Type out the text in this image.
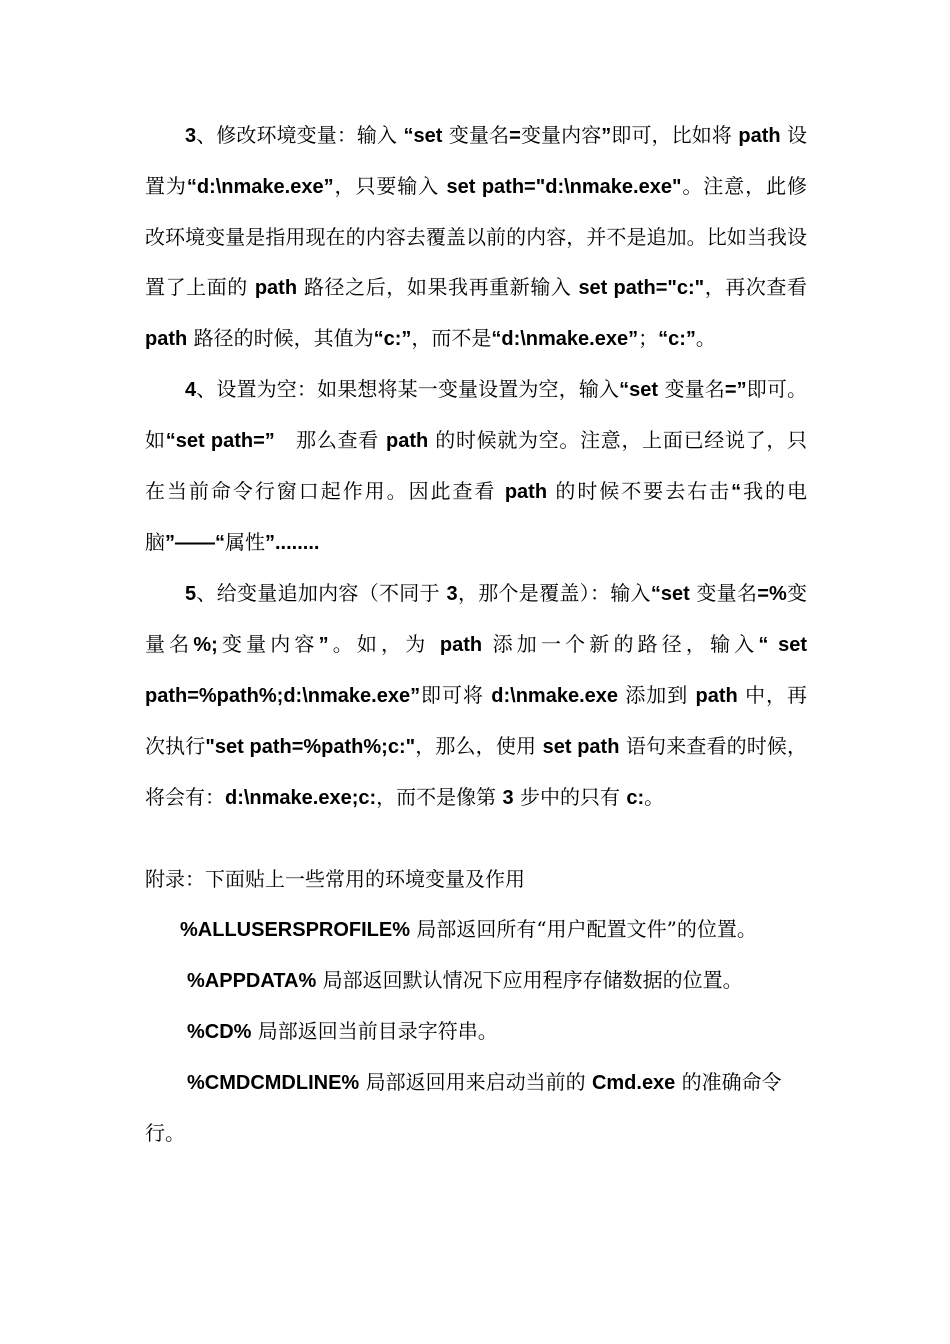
3、修改环境变量：输入 “set 变量名=变量内容”即可，比如将 path 设置为“d:\nmake.exe”，只要输入 set path="d:\nmake.exe"。注意，此修改环境变量是指用现在的内容去覆盖以前的内容，并不是追加。比如当我设置了上面的 path 路径之后，如果我再重新输入 set path="c:"，再次查看 path 路径的时候，其值为“c:”，而不是“d:\nmake.exe”；“c:”。

4、设置为空：如果想将某一变量设置为空，输入“set 变量名=”即可。如“set path=”　那么查看 path 的时候就为空。注意，上面已经说了，只在当前命令行窗口起作用。因此查看 path 的时候不要去右击“我的电脑”——“属性”........

5、给变量追加内容（不同于 3，那个是覆盖）：输入“set 变量名=%变量名%;变量内容”。如，为 path 添加一个新的路径，输入“ set path=%path%;d:\nmake.exe”即可将 d:\nmake.exe 添加到 path 中，再次执行"set path=%path%;c:"，那么，使用 set path 语句来查看的时候，将会有：d:\nmake.exe;c:，而不是像第 3 步中的只有 c:。

附录：下面贴上一些常用的环境变量及作用

%ALLUSERSPROFILE% 局部返回所有“用户配置文件”的位置。

%APPDATA% 局部返回默认情况下应用程序存储数据的位置。

%CD% 局部返回当前目录字符串。

%CMDCMDLINE% 局部返回用来启动当前的 Cmd.exe 的准确命令行。
